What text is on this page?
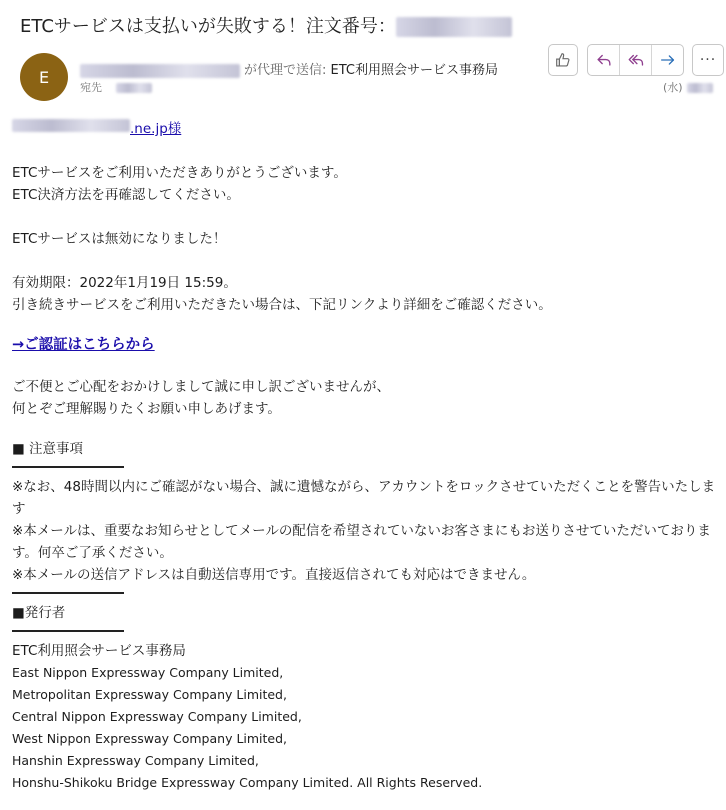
ETCサービスは支払いが失敗する！注文番号：
E	が代理で送信: ETC利用照会サービス事務局
宛先	(水)
···
.ne.jp様
ETCサービスをご利用いただきありがとうございます。
ETC決済方法を再確認してください。
ETCサービスは無効になりました！
有効期限：2022年1月19日 15:59。
引き続きサービスをご利用いただきたい場合は、下記リンクより詳細をご確認ください。
→ご認証はこちらから
ご不便とご心配をおかけしまして誠に申し訳ございませんが、
何とぞご理解賜りたくお願い申しあげます。
■ 注意事項
※なお、48時間以内にご確認がない場合、誠に遺憾ながら、アカウントをロックさせていただくことを警告いたします
※本メールは、重要なお知らせとしてメールの配信を希望されていないお客さまにもお送りさせていただいております。何卒ご了承ください。
※本メールの送信アドレスは自動送信専用です。直接返信されても対応はできません。
■発行者
ETC利用照会サービス事務局
East Nippon Expressway Company Limited,
Metropolitan Expressway Company Limited,
Central Nippon Expressway Company Limited,
West Nippon Expressway Company Limited,
Hanshin Expressway Company Limited,
Honshu-Shikoku Bridge Expressway Company Limited. All Rights Reserved.
